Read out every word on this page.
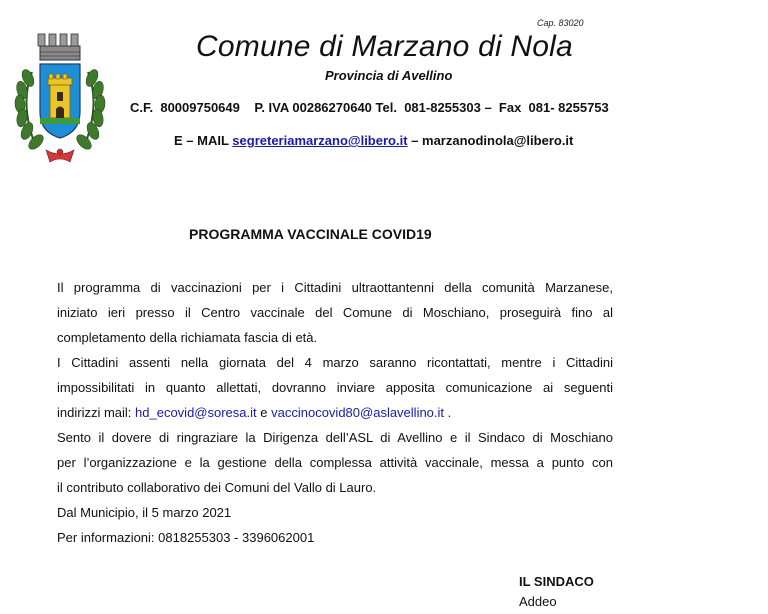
Cap. 83020
Comune di Marzano di Nola
Provincia di Avellino
C.F.  80009750649 P. IVA 00286270640 Tel.  081-8255303 – Fax  081- 8255753
E – MAIL segreteriamarzano@libero.it – marzanodinola@libero.it
PROGRAMMA VACCINALE COVID19

Il programma di vaccinazioni per i Cittadini ultraottantenni della comunità Marzanese,

iniziato ieri presso il Centro vaccinale del Comune di Moschiano, proseguirà fino al

completamento della richiamata fascia di età.

I Cittadini assenti nella giornata del 4 marzo saranno ricontattati, mentre i Cittadini

impossibilitati in quanto allettati, dovranno inviare apposita comunicazione ai seguenti

indirizzi mail: hd_ecovid@soresa.it e vaccinocovid80@aslavellino.it .

Sento il dovere di ringraziare la Dirigenza dell’ASL di Avellino e il Sindaco di Moschiano

per l’organizzazione e la gestione della complessa attività vaccinale, messa a punto con

il contributo collaborativo dei Comuni del Vallo di Lauro.

Dal Municipio, il 5 marzo 2021

Per informazioni: 0818255303 - 3396062001

IL SINDACO
Addeo
